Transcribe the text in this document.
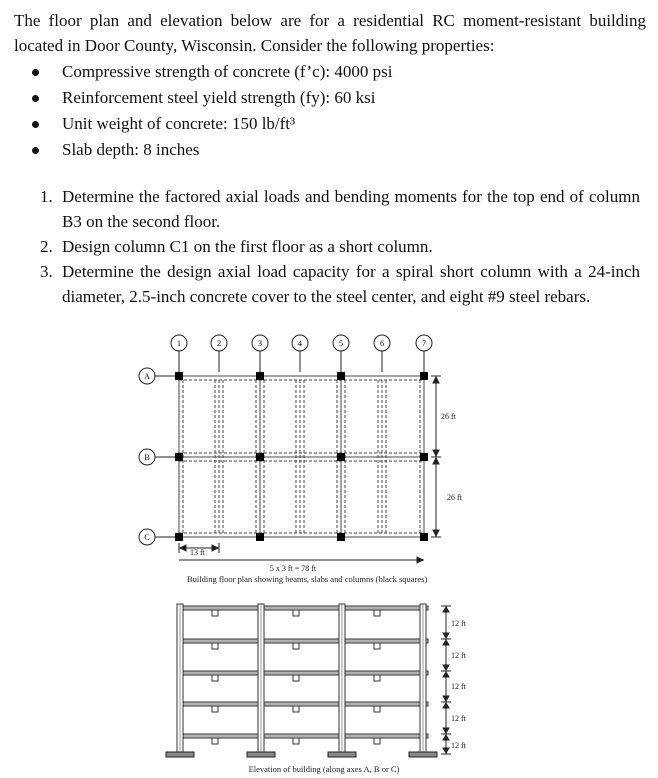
The floor plan and elevation below are for a residential RC moment-resistant building located in Door County, Wisconsin. Consider the following properties:

Compressive strength of concrete (f’c): 4000 psi
Reinforcement steel yield strength (fy): 60 ksi
Unit weight of concrete: 150 lb/ft³
Slab depth: 8 inches
1. Determine the factored axial loads and bending moments for the top end of column B3 on the second floor.
2. Design column C1 on the first floor as a short column.
3. Determine the design axial load capacity for a spiral short column with a 24-inch diameter, 2.5-inch concrete cover to the steel center, and eight #9 steel rebars.
1	2	3	4	5	6	7
A
B
C
26 ft
26 ft
13 ft
5 x 3 ft = 78 ft
Building floor plan showing beams, slabs and columns (black squares)
12 ft
12 ft
12 ft
12 ft
12 ft
Elevation of building (along axes A, B or C)
